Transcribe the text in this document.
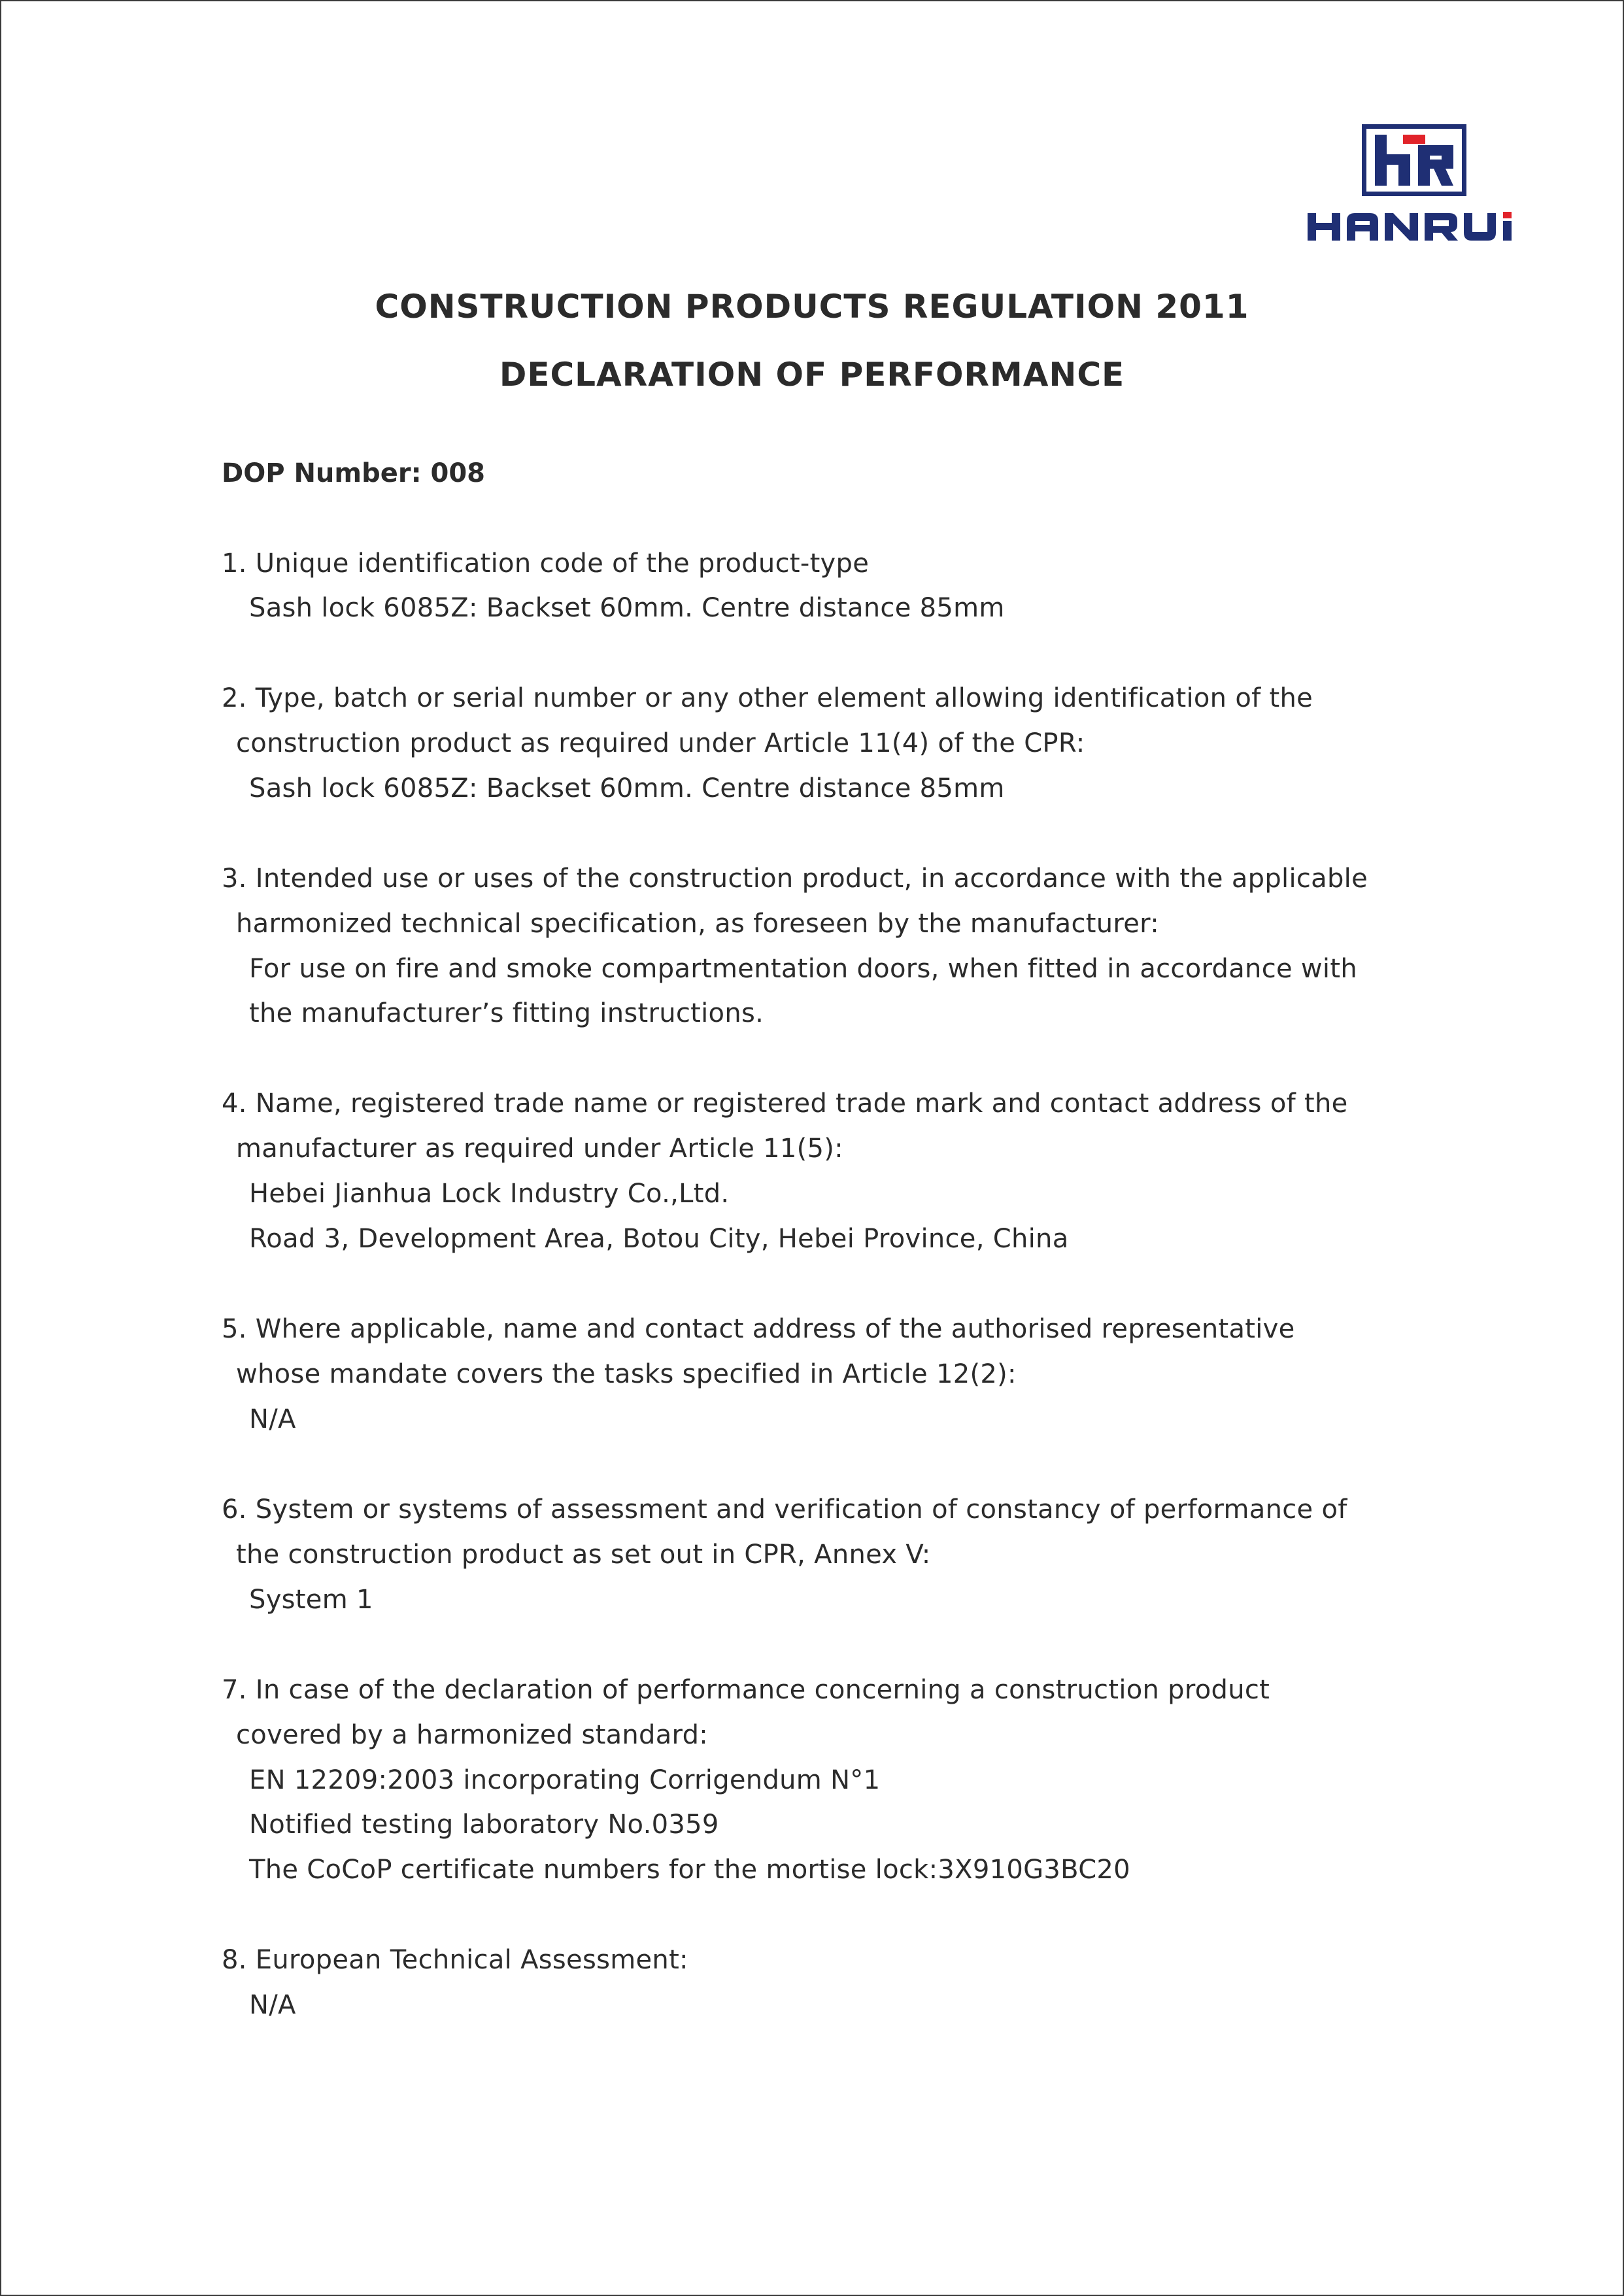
CONSTRUCTION PRODUCTS REGULATION 2011
DECLARATION OF PERFORMANCE
DOP Number: 008
1. Unique identification code of the product-type
Sash lock 6085Z: Backset 60mm. Centre distance 85mm
2. Type, batch or serial number or any other element allowing identification of the
construction product as required under Article 11(4) of the CPR:
Sash lock 6085Z: Backset 60mm. Centre distance 85mm
3. Intended use or uses of the construction product, in accordance with the applicable
harmonized technical specification, as foreseen by the manufacturer:
For use on fire and smoke compartmentation doors, when fitted in accordance with
the manufacturer’s fitting instructions.
4. Name, registered trade name or registered trade mark and contact address of the
manufacturer as required under Article 11(5):
Hebei Jianhua Lock Industry Co.,Ltd.
Road 3, Development Area, Botou City, Hebei Province, China
5. Where applicable, name and contact address of the authorised representative
whose mandate covers the tasks specified in Article 12(2):
N/A
6. System or systems of assessment and verification of constancy of performance of
the construction product as set out in CPR, Annex V:
System 1
7. In case of the declaration of performance concerning a construction product
covered by a harmonized standard:
EN 12209:2003 incorporating Corrigendum N°1
Notified testing laboratory No.0359
The CoCoP certificate numbers for the mortise lock:3X910G3BC20
8. European Technical Assessment:
N/A
